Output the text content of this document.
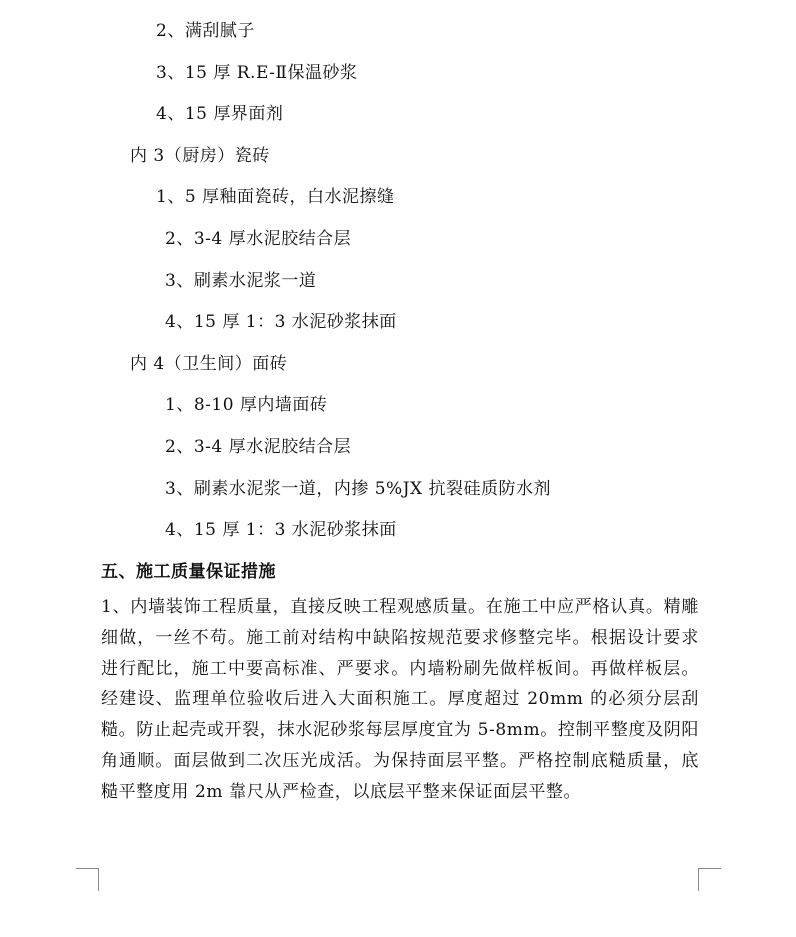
2、满刮腻子
3、15 厚 R.E-Ⅱ保温砂浆
4、15 厚界面剂
内 3（厨房）瓷砖
1、5 厚釉面瓷砖，白水泥擦缝
2、3-4 厚水泥胶结合层
3、刷素水泥浆一道
4、15 厚 1：3 水泥砂浆抹面
内 4（卫生间）面砖
1、8-10 厚内墙面砖
2、3-4 厚水泥胶结合层
3、刷素水泥浆一道，内掺 5%JX 抗裂硅质防水剂
4、15 厚 1：3 水泥砂浆抹面
五、施工质量保证措施
1、内墙装饰工程质量，直接反映工程观感质量。在施工中应严格认真。精雕细做，一丝不苟。施工前对结构中缺陷按规范要求修整完毕。根据设计要求进行配比，施工中要高标准、严要求。内墙粉刷先做样板间。再做样板层。经建设、监理单位验收后进入大面积施工。厚度超过 20mm 的必须分层刮糙。防止起壳或开裂，抹水泥砂浆每层厚度宜为 5-8mm。控制平整度及阴阳角通顺。面层做到二次压光成活。为保持面层平整。严格控制底糙质量，底糙平整度用 2m 靠尺从严检查，以底层平整来保证面层平整。
